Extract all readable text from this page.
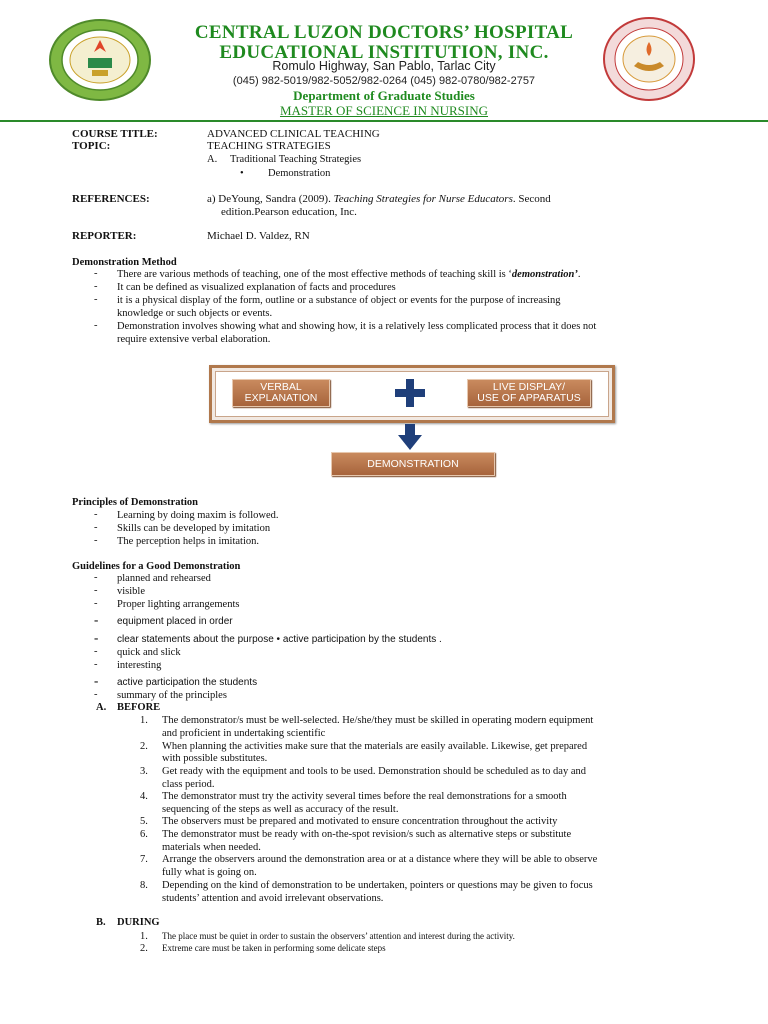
CENTRAL LUZON DOCTORS’ HOSPITAL
EDUCATIONAL INSTITUTION, INC.
Romulo Highway, San Pablo, Tarlac City
(045) 982-5019/982-5052/982-0264 (045) 982-0780/982-2757
Department of Graduate Studies
MASTER OF SCIENCE IN NURSING
COURSE TITLE:	ADVANCED CLINICAL TEACHING
TOPIC:	TEACHING STRATEGIES
A. Traditional Teaching Strategies
• Demonstration
REFERENCES:	a) DeYoung, Sandra (2009). Teaching Strategies for Nurse Educators. Second
edition.Pearson education, Inc.
REPORTER:	Michael D. Valdez, RN
Demonstration Method
- There are various methods of teaching, one of the most effective methods of teaching skill is ‘demonstration’.
- It can be defined as visualized explanation of facts and procedures
- it is a physical display of the form, outline or a substance of object or events for the purpose of increasing
knowledge or such objects or events.
- Demonstration involves showing what and showing how, it is a relatively less complicated process that it does not
require extensive verbal elaboration.
VERBAL
EXPLANATION
LIVE DISPLAY/
USE OF APPARATUS
DEMONSTRATION
Principles of Demonstration
- Learning by doing maxim is followed.
- Skills can be developed by imitation
- The perception helps in imitation.
Guidelines for a Good Demonstration
- planned and rehearsed
- visible
- Proper lighting arrangements
- equipment placed in order
- clear statements about the purpose • active participation by the students .
- quick and slick
- interesting
- active participation the students
- summary of the principles
A. BEFORE
1. The demonstrator/s must be well-selected. He/she/they must be skilled in operating modern equipment
and proficient in undertaking scientific
2. When planning the activities make sure that the materials are easily available. Likewise, get prepared
with possible substitutes.
3. Get ready with the equipment and tools to be used. Demonstration should be scheduled as to day and
class period.
4. The demonstrator must try the activity several times before the real demonstrations for a smooth
sequencing of the steps as well as accuracy of the result.
5. The observers must be prepared and motivated to ensure concentration throughout the activity
6. The demonstrator must be ready with on-the-spot revision/s such as alternative steps or substitute
materials when needed.
7. Arrange the observers around the demonstration area or at a distance where they will be able to observe
fully what is going on.
8. Depending on the kind of demonstration to be undertaken, pointers or questions may be given to focus
students’ attention and avoid irrelevant observations.
B. DURING
1. The place must be quiet in order to sustain the observers’ attention and interest during the activity.
2. Extreme care must be taken in performing some delicate steps
